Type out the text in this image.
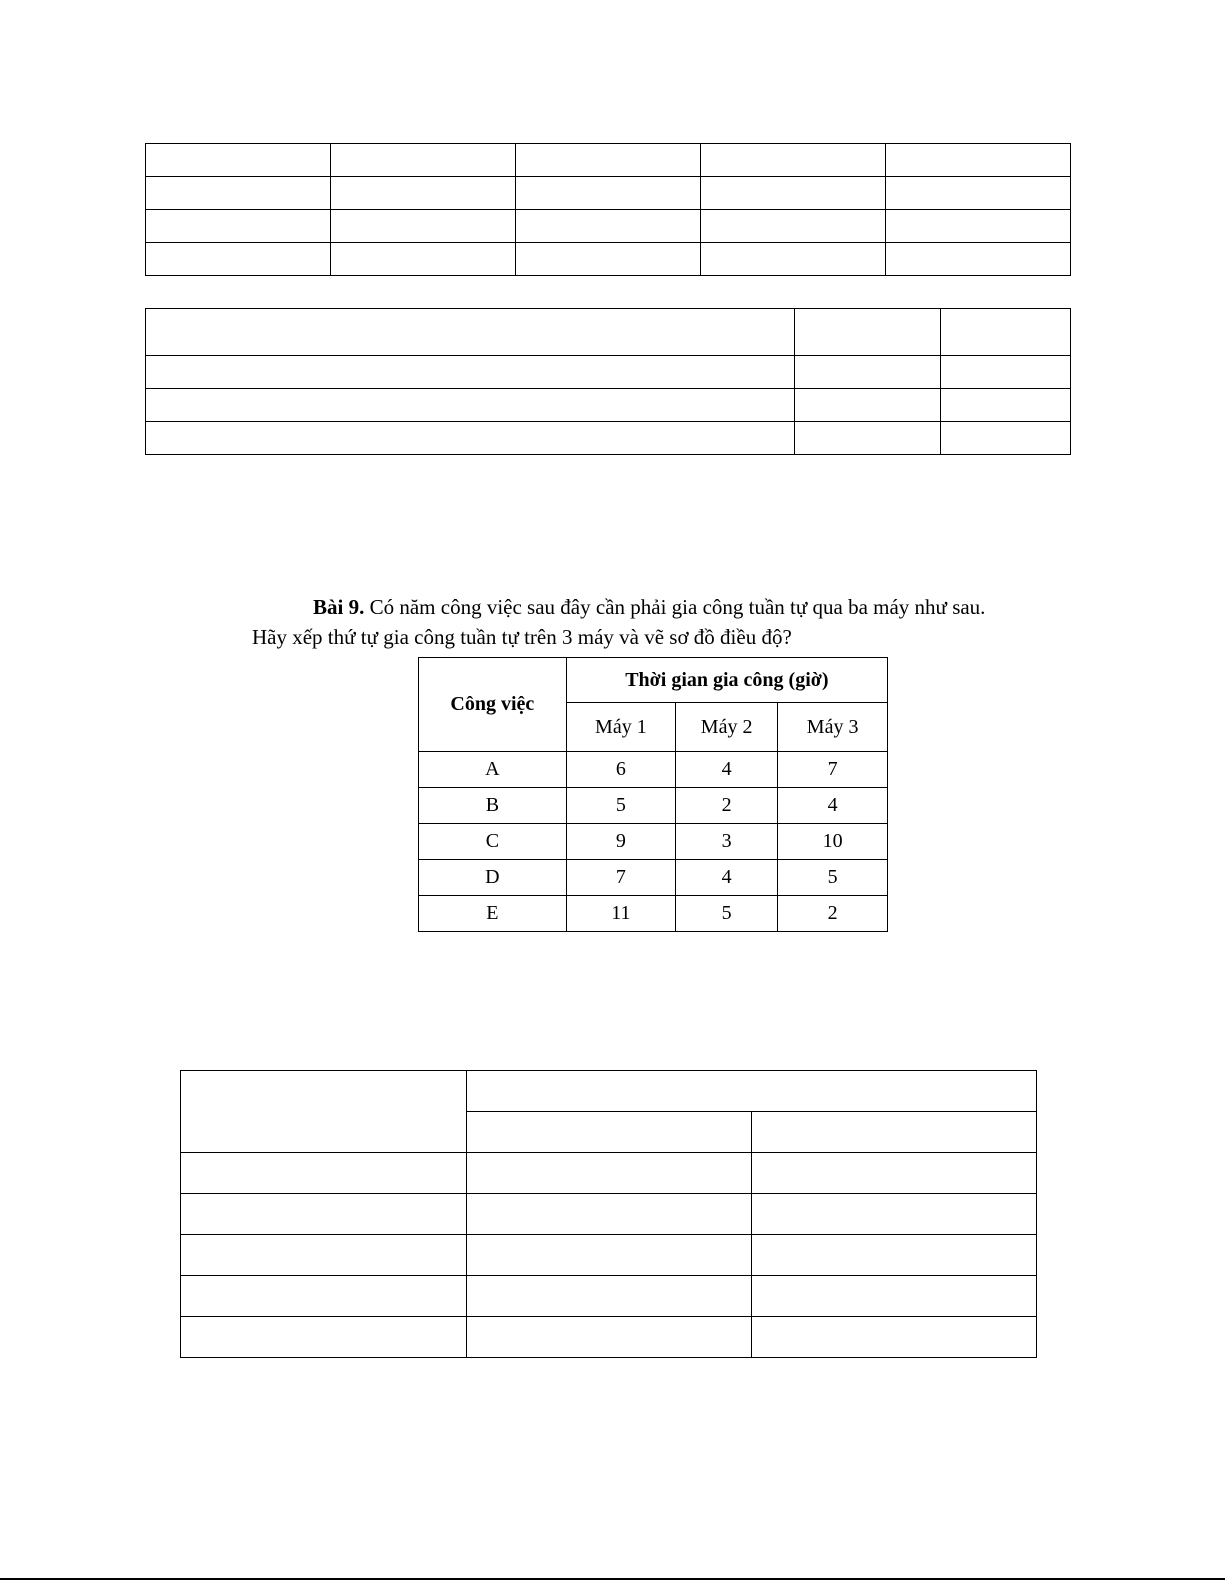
Bài 9. Có năm công việc sau đây cần phải gia công tuần tự qua ba máy như sau.
Hãy xếp thứ tự gia công tuần tự trên 3 máy và vẽ sơ đồ điều độ?
Công việc	Thời gian gia công (giờ)		
	Máy 1	Máy 2	Máy 3
A	6	4	7
B	5	2	4
C	9	3	10
D	7	4	5
E	11	5	2
